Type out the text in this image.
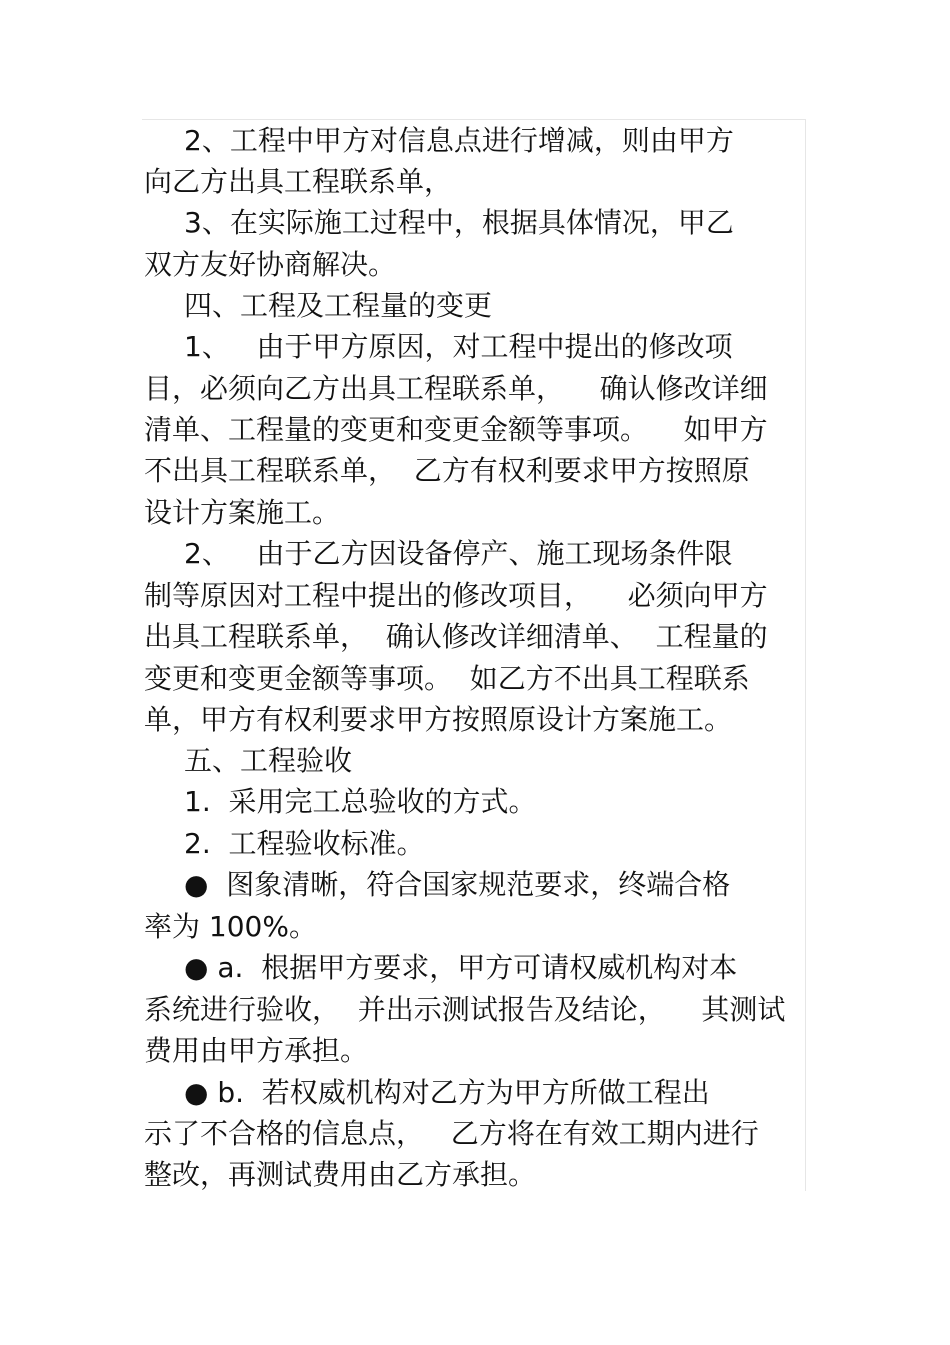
2、工程中甲方对信息点进行增减，则由甲方
向乙方出具工程联系单，
3、在实际施工过程中，根据具体情况，甲乙
双方友好协商解决。
四、工程及工程量的变更
1、   由于甲方原因，对工程中提出的修改项
目，必须向乙方出具工程联系单，    确认修改详细
清单、工程量的变更和变更金额等事项。    如甲方
不出具工程联系单，  乙方有权利要求甲方按照原
设计方案施工。
2、   由于乙方因设备停产、施工现场条件限
制等原因对工程中提出的修改项目，    必须向甲方
出具工程联系单，  确认修改详细清单、  工程量的
变更和变更金额等事项。  如乙方不出具工程联系
单，甲方有权利要求甲方按照原设计方案施工。
五、工程验收
1.  采用完工总验收的方式。
2.  工程验收标准。
●  图象清晰，符合国家规范要求，终端合格
率为 100%。
● a.  根据甲方要求，甲方可请权威机构对本
系统进行验收，  并出示测试报告及结论，    其测试
费用由甲方承担。
● b.  若权威机构对乙方为甲方所做工程出
示了不合格的信息点，   乙方将在有效工期内进行
整改，再测试费用由乙方承担。
